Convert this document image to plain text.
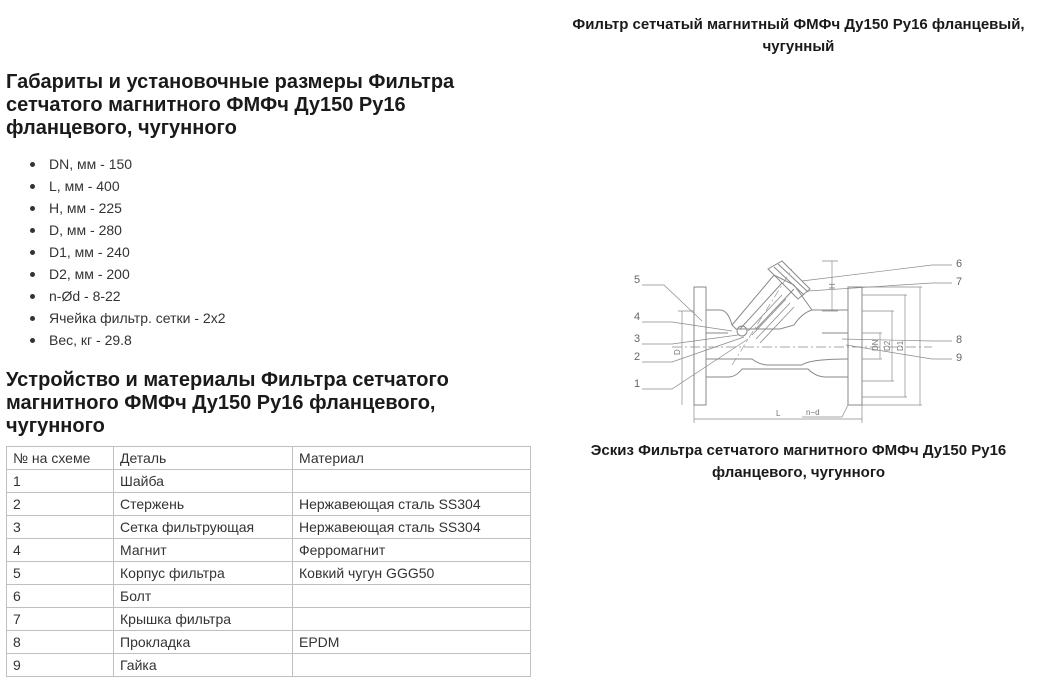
Габариты и установочные размеры Фильтра сетчатого магнитного ФМФч Ду150 Ру16 фланцевого, чугунного
DN, мм - 150
L, мм - 400
H, мм - 225
D, мм - 280
D1, мм - 240
D2, мм - 200
n-Ød - 8-22
Ячейка фильтр. сетки - 2х2
Вес, кг - 29.8
Устройство и материалы Фильтра сетчатого магнитного ФМФч Ду150 Ру16 фланцевого, чугунного
№ на схеме	Деталь	Материал
1	Шайба	
2	Стержень	Нержавеющая сталь SS304
3	Сетка фильтрующая	Нержавеющая сталь SS304
4	Магнит	Ферромагнит
5	Корпус фильтра	Ковкий чугун GGG50
6	Болт	
7	Крышка фильтра	
8	Прокладка	EPDM
9	Гайка	
Фильтр сетчатый магнитный ФМФч Ду150 Ру16 фланцевый, чугунный
5
4
3
2
1
6
7
8
9
L	n−d
H
DN D2 D1
D
Эскиз Фильтра сетчатого магнитного ФМФч Ду150 Ру16 фланцевого, чугунного
